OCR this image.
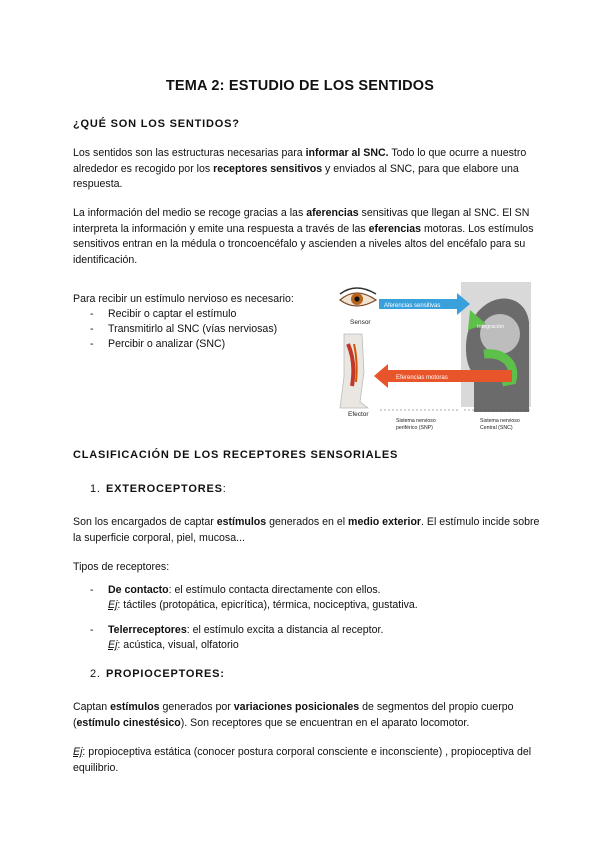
TEMA 2: ESTUDIO DE LOS SENTIDOS
¿QUÉ SON LOS SENTIDOS?
Los sentidos son las estructuras necesarias para informar al SNC. Todo lo que ocurre a nuestro alrededor es recogido por los receptores sensitivos y enviados al SNC, para que elabore una respuesta.
La información del medio se recoge gracias a las aferencias sensitivas que llegan al SNC. El SN interpreta la información y emite una respuesta a través de las eferencias motoras. Los estímulos sensitivos entran en la médula o troncoencéfalo y ascienden a niveles altos del encéfalo para su identificación.
Para recibir un estímulo nervioso es necesario:
- Recibir o captar el estímulo
- Transmitirlo al SNC (vías nerviosas)
- Percibir o analizar (SNC)
Sensor
Aferencias sensitivas
Integración
Eferencias motoras
Efector
Sistema nervioso
periférico (SNP)
Sistema nervioso
Central (SNC)
CLASIFICACIÓN DE LOS RECEPTORES SENSORIALES
1. EXTEROCEPTORES:
Son los encargados de captar estímulos generados en el medio exterior. El estímulo incide sobre la superficie corporal, piel, mucosa...
Tipos de receptores:
- De contacto: el estímulo contacta directamente con ellos.
Ej: táctiles (protopática, epicrítica), térmica, nociceptiva, gustativa.
- Telerreceptores: el estímulo excita a distancia al receptor.
Ej: acústica, visual, olfatorio
2. PROPIOCEPTORES:
Captan estímulos generados por variaciones posicionales de segmentos del propio cuerpo (estímulo cinestésico). Son receptores que se encuentran en el aparato locomotor.
Ej: propioceptiva estática (conocer postura corporal consciente e inconsciente) , propioceptiva del equilibrio.
